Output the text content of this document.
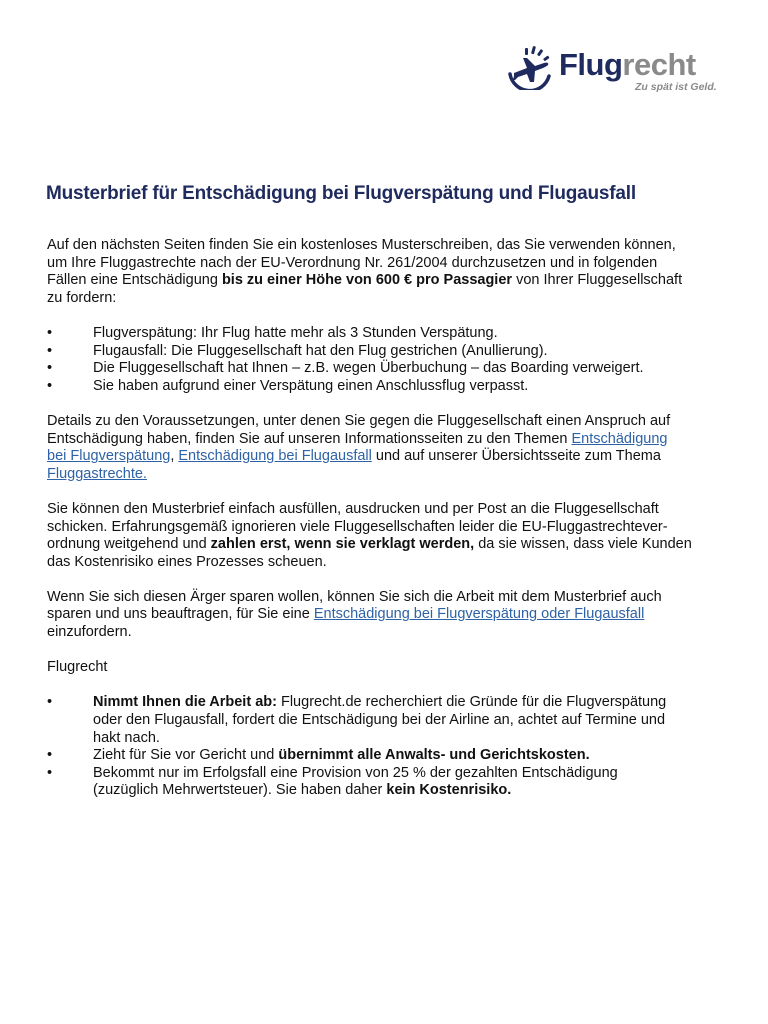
Flugrecht
Zu spät ist Geld.
Musterbrief für Entschädigung bei Flugverspätung und Flugausfall

Auf den nächsten Seiten finden Sie ein kostenloses Musterschreiben, das Sie verwenden können,
um Ihre Fluggastrechte nach der EU-Verordnung Nr. 261/2004 durchzusetzen und in folgenden
Fällen eine Entschädigung bis zu einer Höhe von 600 € pro Passagier von Ihrer Fluggesellschaft
zu fordern:

•	Flugverspätung: Ihr Flug hatte mehr als 3 Stunden Verspätung.
•	Flugausfall: Die Fluggesellschaft hat den Flug gestrichen (Anullierung).
•	Die Fluggesellschaft hat Ihnen – z.B. wegen Überbuchung – das Boarding verweigert.
•	Sie haben aufgrund einer Verspätung einen Anschlussflug verpasst.

Details zu den Voraussetzungen, unter denen Sie gegen die Fluggesellschaft einen Anspruch auf
Entschädigung haben, finden Sie auf unseren Informationsseiten zu den Themen Entschädigung
bei Flugverspätung, Entschädigung bei Flugausfall und auf unserer Übersichtsseite zum Thema
Fluggastrechte.

Sie können den Musterbrief einfach ausfüllen, ausdrucken und per Post an die Fluggesellschaft
schicken. Erfahrungsgemäß ignorieren viele Fluggesellschaften leider die EU-Fluggastrechtever-
ordnung weitgehend und zahlen erst, wenn sie verklagt werden, da sie wissen, dass viele Kunden
das Kostenrisiko eines Prozesses scheuen.

Wenn Sie sich diesen Ärger sparen wollen, können Sie sich die Arbeit mit dem Musterbrief auch
sparen und uns beauftragen, für Sie eine Entschädigung bei Flugverspätung oder Flugausfall
einzufordern.

Flugrecht

•	Nimmt Ihnen die Arbeit ab: Flugrecht.de recherchiert die Gründe für die Flugverspätung
oder den Flugausfall, fordert die Entschädigung bei der Airline an, achtet auf Termine und
hakt nach.
•	Zieht für Sie vor Gericht und übernimmt alle Anwalts- und Gerichtskosten.
•	Bekommt nur im Erfolgsfall eine Provision von 25 % der gezahlten Entschädigung
(zuzüglich Mehrwertsteuer). Sie haben daher kein Kostenrisiko.
